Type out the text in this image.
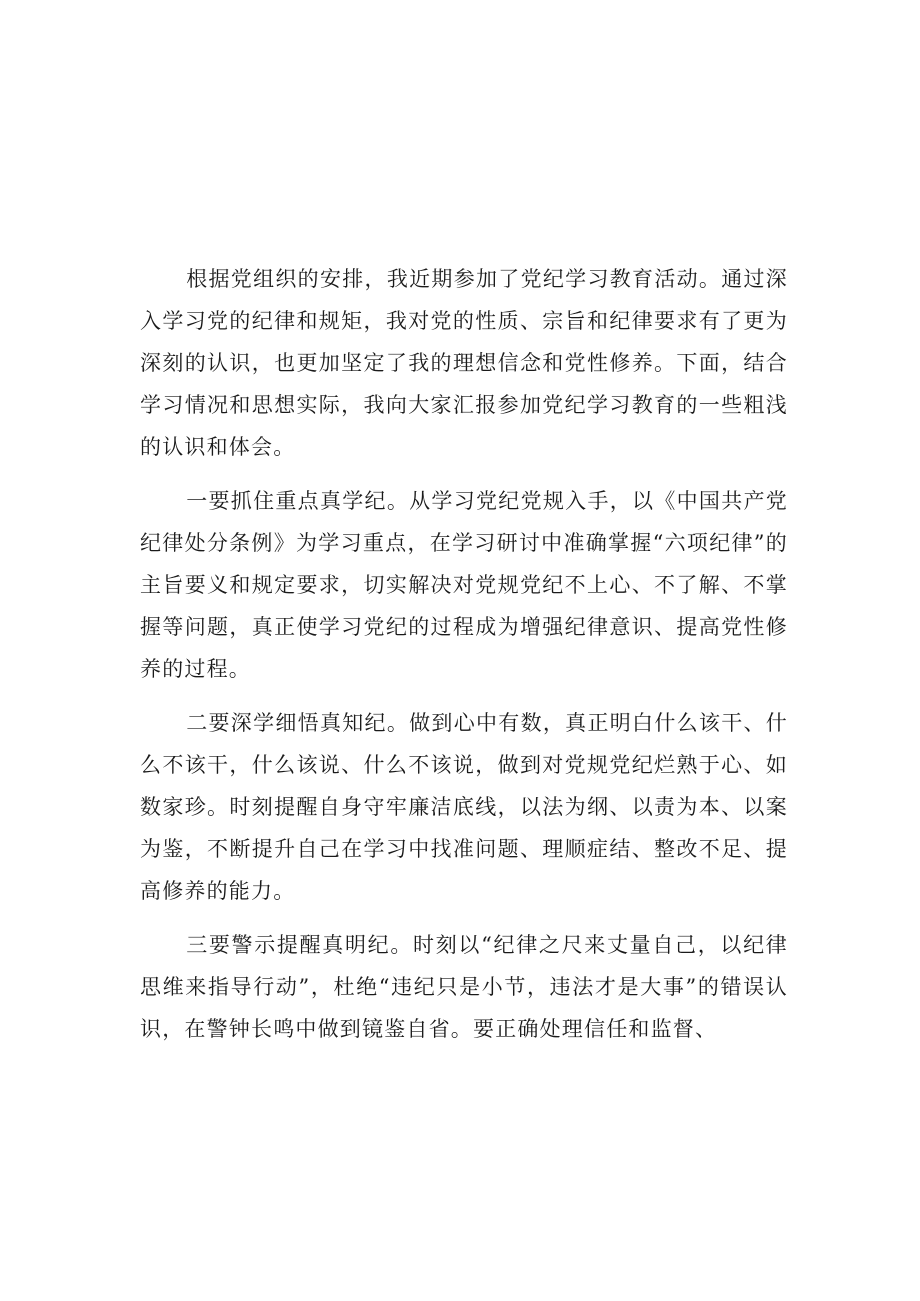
根据党组织的安排，我近期参加了党纪学习教育活动。通过深入学习党的纪律和规矩，我对党的性质、宗旨和纪律要求有了更为深刻的认识，也更加坚定了我的理想信念和党性修养。下面，结合学习情况和思想实际，我向大家汇报参加党纪学习教育的一些粗浅的认识和体会。

一要抓住重点真学纪。从学习党纪党规入手，以《中国共产党纪律处分条例》为学习重点，在学习研讨中准确掌握“六项纪律”的主旨要义和规定要求，切实解决对党规党纪不上心、不了解、不掌握等问题，真正使学习党纪的过程成为增强纪律意识、提高党性修养的过程。

二要深学细悟真知纪。做到心中有数，真正明白什么该干、什么不该干，什么该说、什么不该说，做到对党规党纪烂熟于心、如数家珍。时刻提醒自身守牢廉洁底线，以法为纲、以责为本、以案为鉴，不断提升自己在学习中找准问题、理顺症结、整改不足、提高修养的能力。

三要警示提醒真明纪。时刻以“纪律之尺来丈量自己，以纪律思维来指导行动”，杜绝“违纪只是小节，违法才是大事”的错误认识，在警钟长鸣中做到镜鉴自省。要正确处理信任和监督、
